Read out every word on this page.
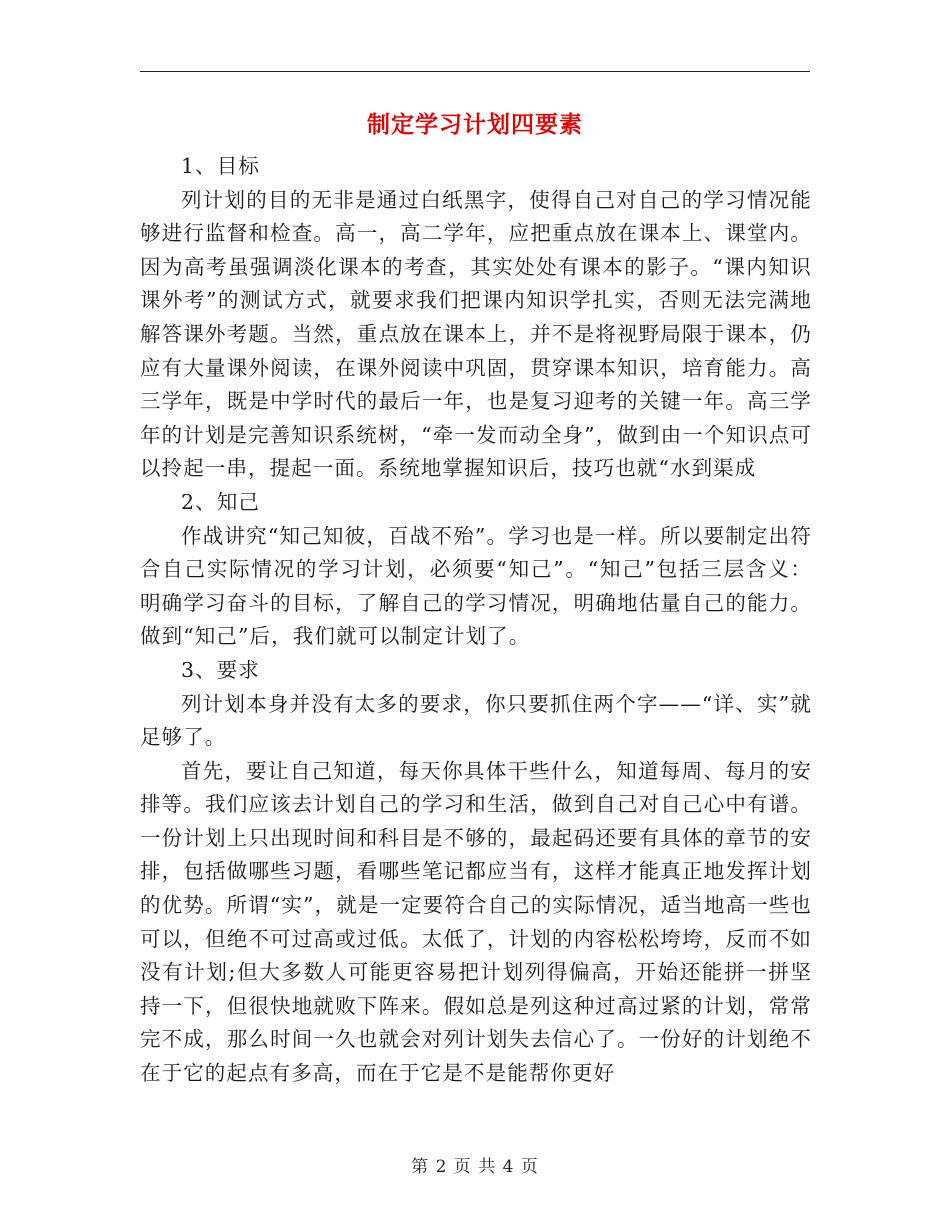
制定学习计划四要素

1、目标

列计划的目的无非是通过白纸黑字，使得自己对自己的学习情况能够进行监督和检查。高一，高二学年，应把重点放在课本上、课堂内。因为高考虽强调淡化课本的考查，其实处处有课本的影子。“课内知识课外考”的测试方式，就要求我们把课内知识学扎实，否则无法完满地解答课外考题。当然，重点放在课本上，并不是将视野局限于课本，仍应有大量课外阅读，在课外阅读中巩固，贯穿课本知识，培育能力。高三学年，既是中学时代的最后一年，也是复习迎考的关键一年。高三学年的计划是完善知识系统树，“牵一发而动全身”，做到由一个知识点可以拎起一串，提起一面。系统地掌握知识后，技巧也就“水到渠成

2、知己

作战讲究“知己知彼，百战不殆”。学习也是一样。所以要制定出符合自己实际情况的学习计划，必须要“知己”。“知己”包括三层含义：明确学习奋斗的目标，了解自己的学习情况，明确地估量自己的能力。做到“知己”后，我们就可以制定计划了。

3、要求

列计划本身并没有太多的要求，你只要抓住两个字——“详、实”就足够了。

首先，要让自己知道，每天你具体干些什么，知道每周、每月的安排等。我们应该去计划自己的学习和生活，做到自己对自己心中有谱。一份计划上只出现时间和科目是不够的，最起码还要有具体的章节的安排，包括做哪些习题，看哪些笔记都应当有，这样才能真正地发挥计划的优势。所谓“实”，就是一定要符合自己的实际情况，适当地高一些也可以，但绝不可过高或过低。太低了，计划的内容松松垮垮，反而不如没有计划;但大多数人可能更容易把计划列得偏高，开始还能拼一拼坚持一下，但很快地就败下阵来。假如总是列这种过高过紧的计划，常常完不成，那么时间一久也就会对列计划失去信心了。一份好的计划绝不在于它的起点有多高，而在于它是不是能帮你更好

第 2 页 共 4 页
